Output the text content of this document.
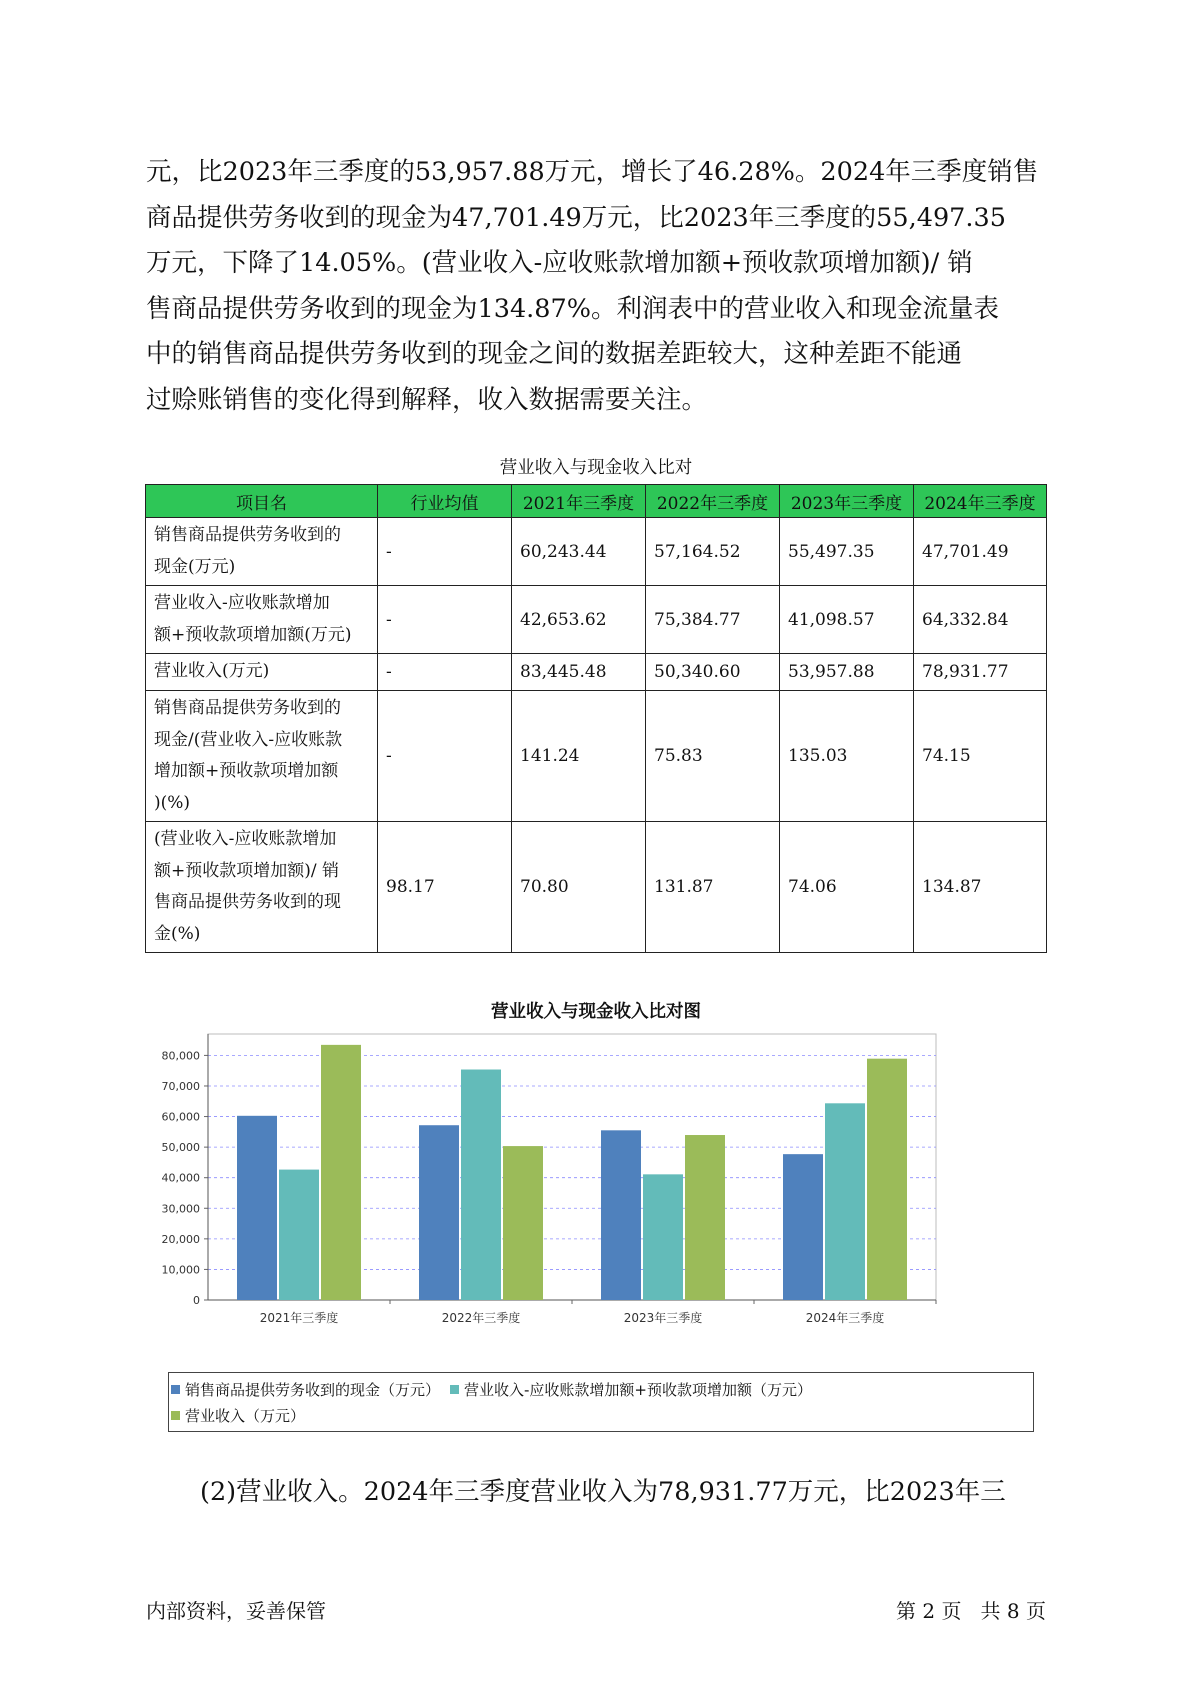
元，比2023年三季度的53,957.88万元，增长了46.28%。2024年三季度销售
商品提供劳务收到的现金为47,701.49万元，比2023年三季度的55,497.35
万元，下降了14.05%。(营业收入-应收账款增加额+预收款项增加额)/ 销
售商品提供劳务收到的现金为134.87%。利润表中的营业收入和现金流量表
中的销售商品提供劳务收到的现金之间的数据差距较大，这种差距不能通
过赊账销售的变化得到解释，收入数据需要关注。
营业收入与现金收入比对
项目名	行业均值	2021年三季度	2022年三季度	2023年三季度	2024年三季度

销售商品提供劳务收到的
现金(万元)	-	60,243.44	57,164.52	55,497.35	47,701.49

营业收入-应收账款增加
额+预收款项增加额(万元)	-	42,653.62	75,384.77	41,098.57	64,332.84

营业收入(万元)	-	83,445.48	50,340.60	53,957.88	78,931.77

销售商品提供劳务收到的
现金/(营业收入-应收账款
增加额+预收款项增加额
)(%)	-	141.24	75.83	135.03	74.15

(营业收入-应收账款增加
额+预收款项增加额)/ 销
售商品提供劳务收到的现
金(%)	98.17	70.80	131.87	74.06	134.87
营业收入与现金收入比对图
0
10,000
20,000
30,000
40,000
50,000
60,000
70,000
80,000
2021年三季度	2022年三季度	2023年三季度	2024年三季度
销售商品提供劳务收到的现金（万元） 营业收入-应收账款增加额+预收款项增加额（万元）
营业收入（万元）
(2)营业收入。2024年三季度营业收入为78,931.77万元，比2023年三
内部资料，妥善保管	第 2 页   共 8 页
